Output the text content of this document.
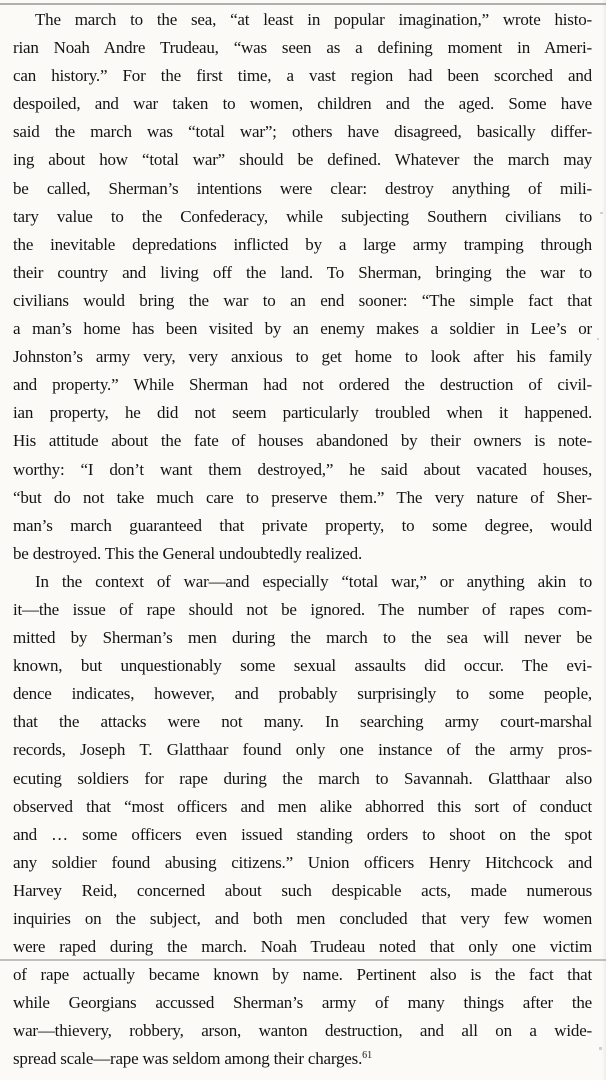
The march to the sea, “at least in popular imagination,” wrote histo-
rian Noah Andre Trudeau, “was seen as a defining moment in Ameri-
can history.” For the first time, a vast region had been scorched and
despoiled, and war taken to women, children and the aged. Some have
said the march was “total war”; others have disagreed, basically differ-
ing about how “total war” should be defined. Whatever the march may
be called, Sherman’s intentions were clear: destroy anything of mili-
tary value to the Confederacy, while subjecting Southern civilians to
the inevitable depredations inflicted by a large army tramping through
their country and living off the land. To Sherman, bringing the war to
civilians would bring the war to an end sooner: “The simple fact that
a man’s home has been visited by an enemy makes a soldier in Lee’s or
Johnston’s army very, very anxious to get home to look after his family
and property.” While Sherman had not ordered the destruction of civil-
ian property, he did not seem particularly troubled when it happened.
His attitude about the fate of houses abandoned by their owners is note-
worthy: “I don’t want them destroyed,” he said about vacated houses,
“but do not take much care to preserve them.” The very nature of Sher-
man’s march guaranteed that private property, to some degree, would
be destroyed. This the General undoubtedly realized.
In the context of war—and especially “total war,” or anything akin to
it—the issue of rape should not be ignored. The number of rapes com-
mitted by Sherman’s men during the march to the sea will never be
known, but unquestionably some sexual assaults did occur. The evi-
dence indicates, however, and probably surprisingly to some people,
that the attacks were not many. In searching army court-marshal
records, Joseph T. Glatthaar found only one instance of the army pros-
ecuting soldiers for rape during the march to Savannah. Glatthaar also
observed that “most officers and men alike abhorred this sort of conduct
and … some officers even issued standing orders to shoot on the spot
any soldier found abusing citizens.” Union officers Henry Hitchcock and
Harvey Reid, concerned about such despicable acts, made numerous
inquiries on the subject, and both men concluded that very few women
were raped during the march. Noah Trudeau noted that only one victim
of rape actually became known by name. Pertinent also is the fact that
while Georgians accussed Sherman’s army of many things after the
war—thievery, robbery, arson, wanton destruction, and all on a wide-
spread scale—rape was seldom among their charges.$^{61}$
